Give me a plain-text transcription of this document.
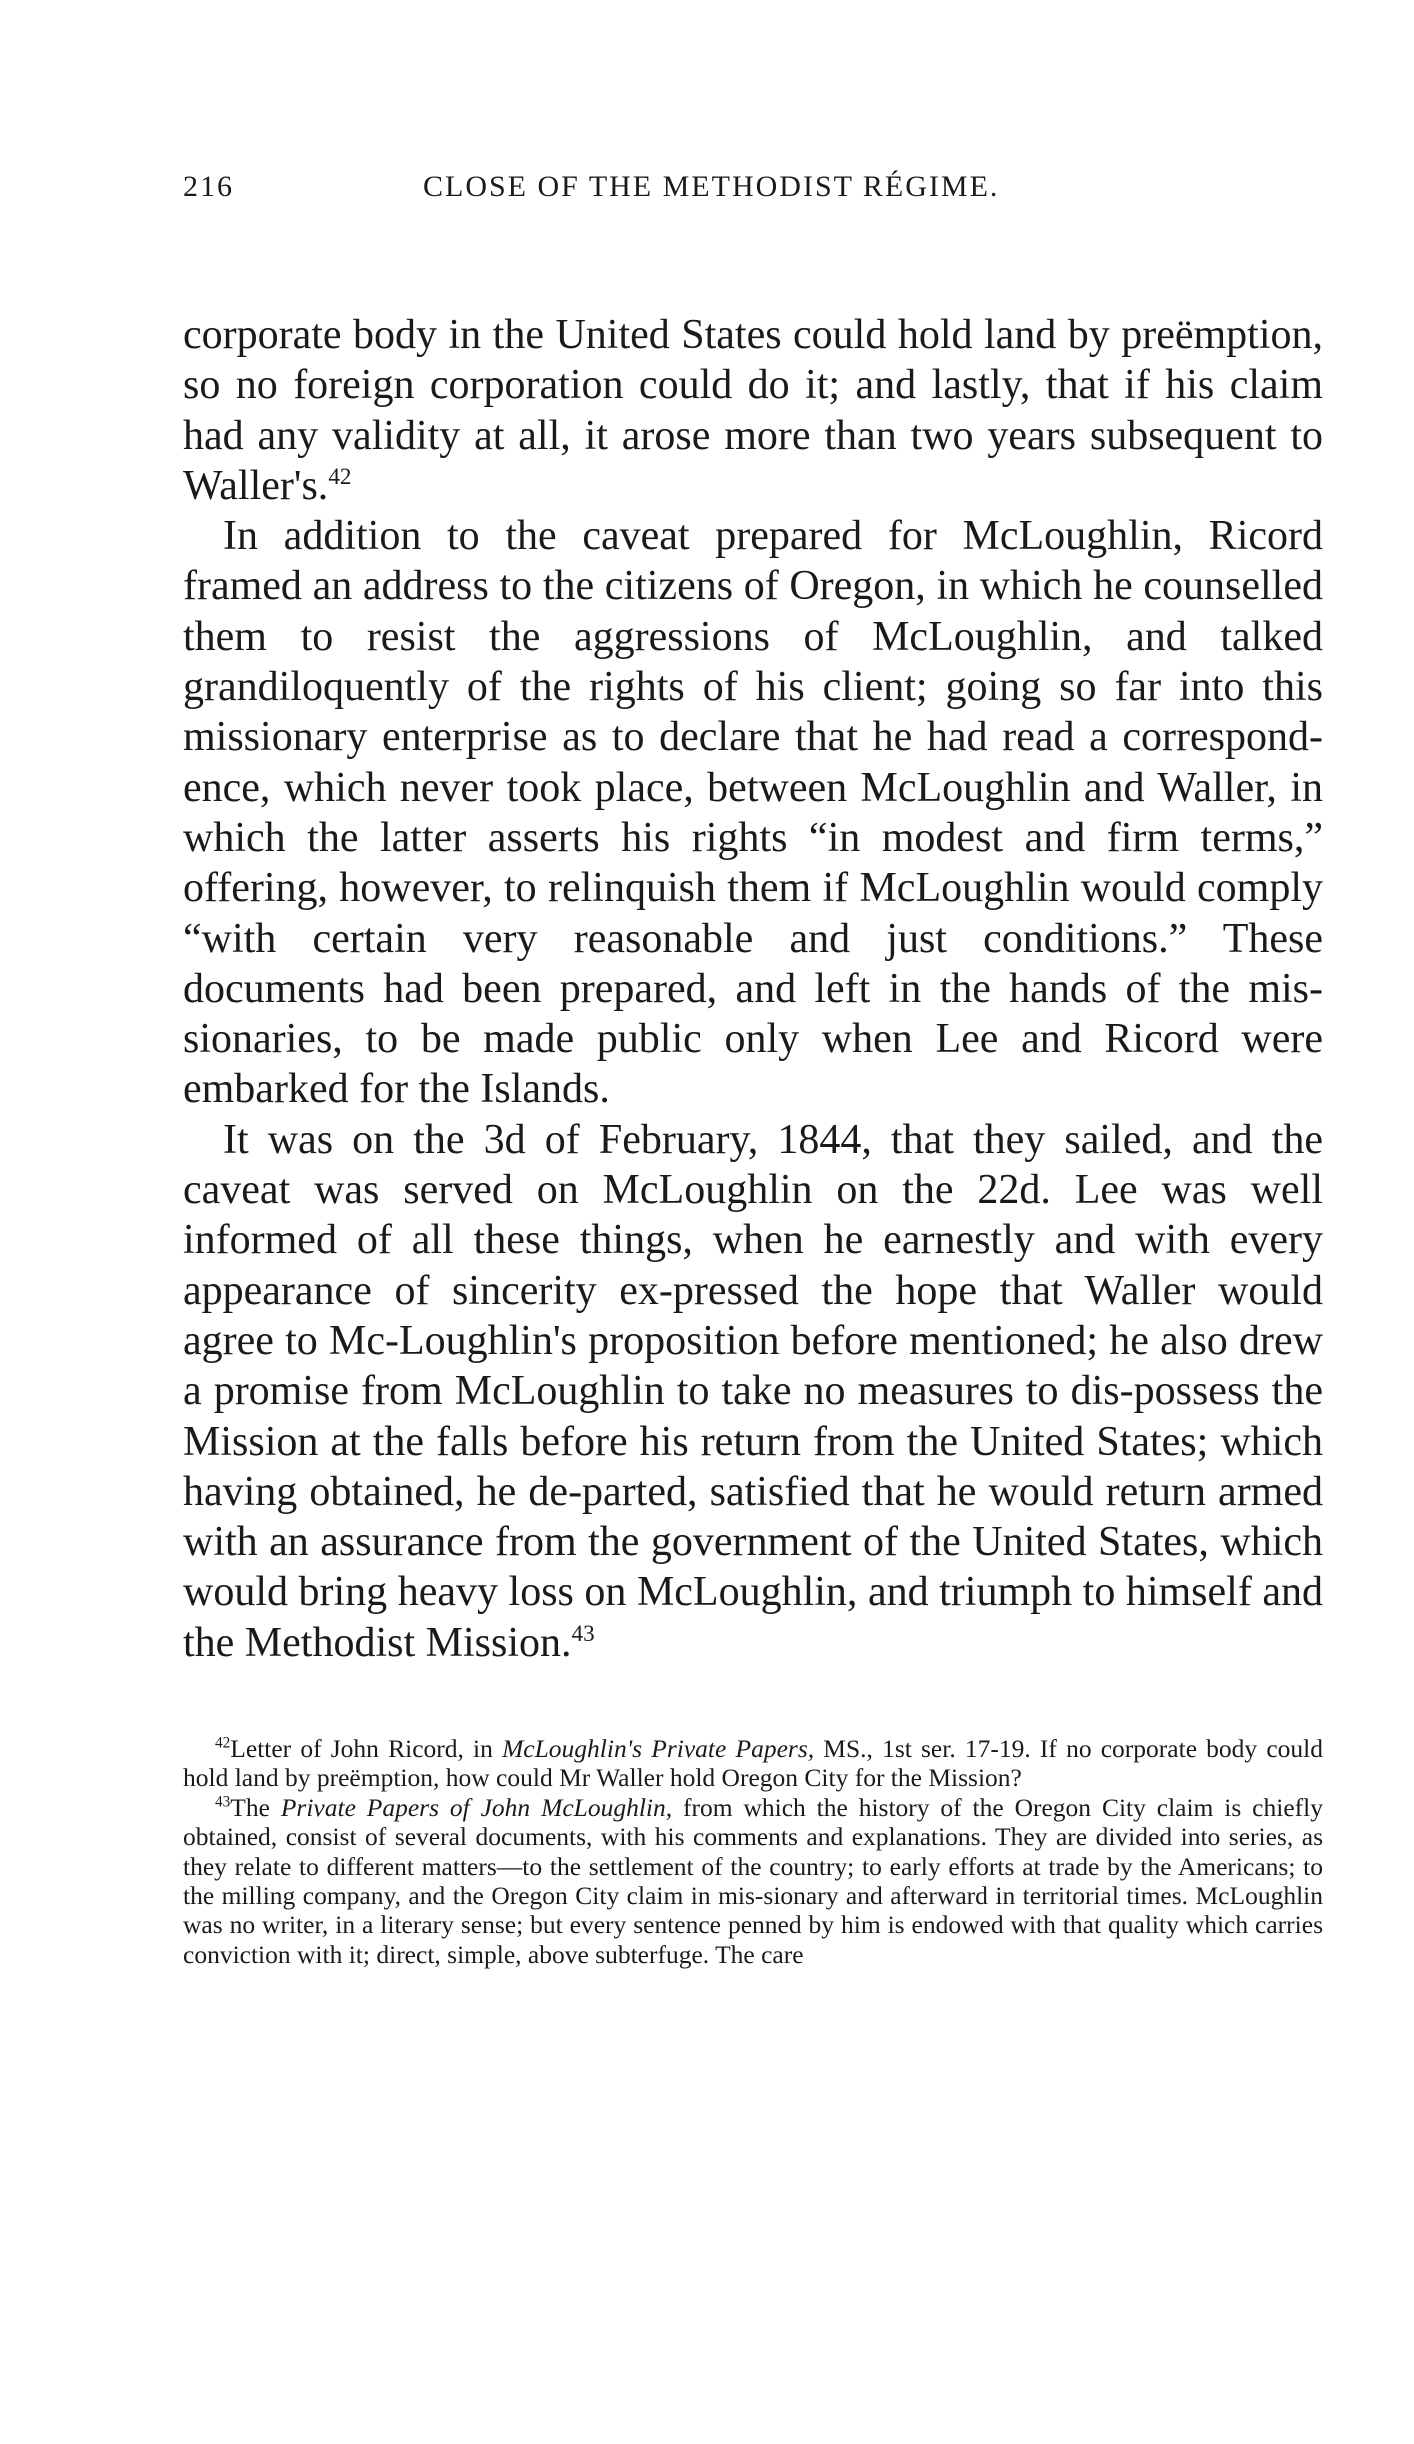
216	CLOSE OF THE METHODIST RÉGIME.

corporate body in the United States could hold land by preëmption, so no foreign corporation could do it; and lastly, that if his claim had any validity at all, it arose more than two years subsequent to Waller's.$^{42}$

In addition to the caveat prepared for McLoughlin, Ricord framed an address to the citizens of Oregon, in which he counselled them to resist the aggressions of McLoughlin, and talked grandiloquently of the rights of his client; going so far into this missionary enterprise as to declare that he had read a correspond-ence, which never took place, between McLoughlin and Waller, in which the latter asserts his rights “in modest and firm terms,” offering, however, to relinquish them if McLoughlin would comply “with certain very reasonable and just conditions.” These documents had been prepared, and left in the hands of the mis-sionaries, to be made public only when Lee and Ricord were embarked for the Islands.

It was on the 3d of February, 1844, that they sailed, and the caveat was served on McLoughlin on the 22d. Lee was well informed of all these things, when he earnestly and with every appearance of sincerity ex-pressed the hope that Waller would agree to Mc-Loughlin's proposition before mentioned; he also drew a promise from McLoughlin to take no measures to dis-possess the Mission at the falls before his return from the United States; which having obtained, he de-parted, satisfied that he would return armed with an assurance from the government of the United States, which would bring heavy loss on McLoughlin, and triumph to himself and the Methodist Mission.$^{43}$

$^{42}$Letter of John Ricord, in McLoughlin's Private Papers, MS., 1st ser. 17-19. If no corporate body could hold land by preëmption, how could Mr Waller hold Oregon City for the Mission?

$^{43}$The Private Papers of John McLoughlin, from which the history of the Oregon City claim is chiefly obtained, consist of several documents, with his comments and explanations. They are divided into series, as they relate to different matters—to the settlement of the country; to early efforts at trade by the Americans; to the milling company, and the Oregon City claim in mis-sionary and afterward in territorial times. McLoughlin was no writer, in a literary sense; but every sentence penned by him is endowed with that quality which carries conviction with it; direct, simple, above subterfuge. The care
